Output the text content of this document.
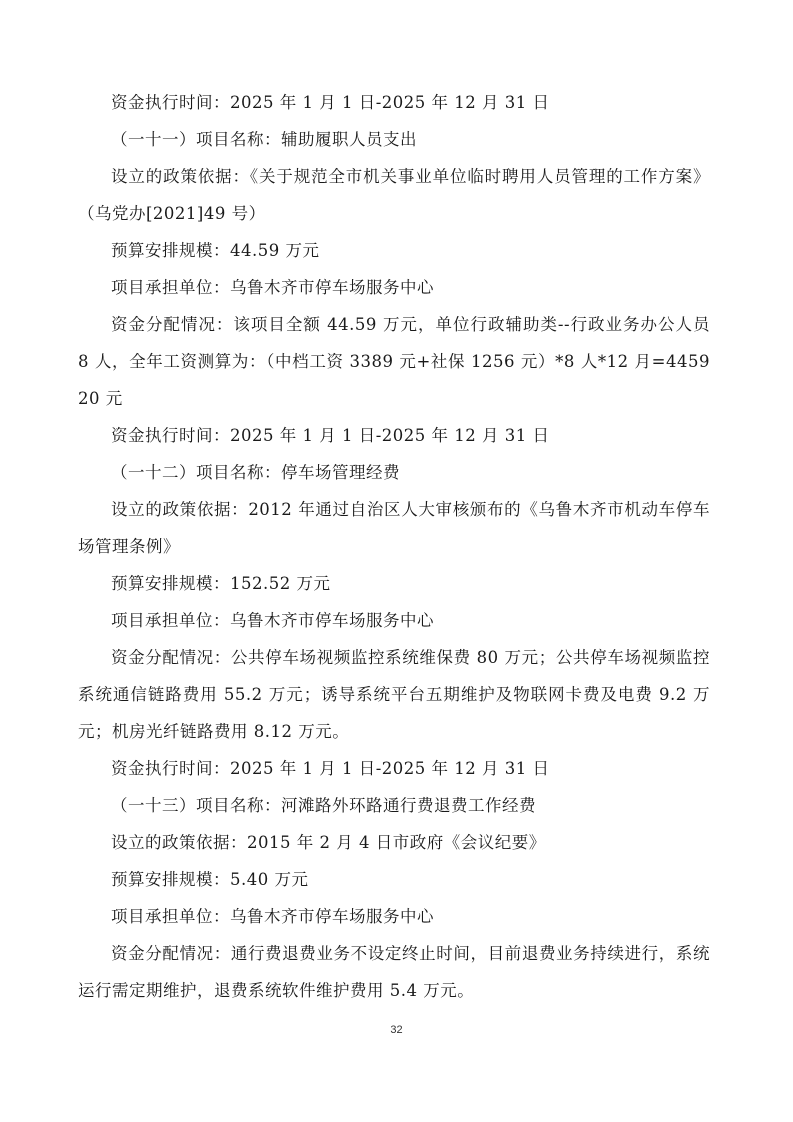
资金执行时间：2025 年 1 月 1 日-2025 年 12 月 31 日

（一十一）项目名称：辅助履职人员支出

设立的政策依据：《关于规范全市机关事业单位临时聘用人员管理的工作方案》（乌党办[2021]49 号）

预算安排规模：44.59 万元

项目承担单位：乌鲁木齐市停车场服务中心

资金分配情况：该项目全额 44.59 万元，单位行政辅助类--行政业务办公人员 8 人，全年工资测算为：（中档工资 3389 元+社保 1256 元）*8 人*12 月=445920 元

资金执行时间：2025 年 1 月 1 日-2025 年 12 月 31 日

（一十二）项目名称：停车场管理经费

设立的政策依据：2012 年通过自治区人大审核颁布的《乌鲁木齐市机动车停车场管理条例》

预算安排规模：152.52 万元

项目承担单位：乌鲁木齐市停车场服务中心

资金分配情况：公共停车场视频监控系统维保费 80 万元；公共停车场视频监控系统通信链路费用 55.2 万元；诱导系统平台五期维护及物联网卡费及电费 9.2 万元；机房光纤链路费用 8.12 万元。

资金执行时间：2025 年 1 月 1 日-2025 年 12 月 31 日

（一十三）项目名称：河滩路外环路通行费退费工作经费

设立的政策依据：2015 年 2 月 4 日市政府《会议纪要》

预算安排规模：5.40 万元

项目承担单位：乌鲁木齐市停车场服务中心

资金分配情况：通行费退费业务不设定终止时间，目前退费业务持续进行，系统运行需定期维护，退费系统软件维护费用 5.4 万元。

32
